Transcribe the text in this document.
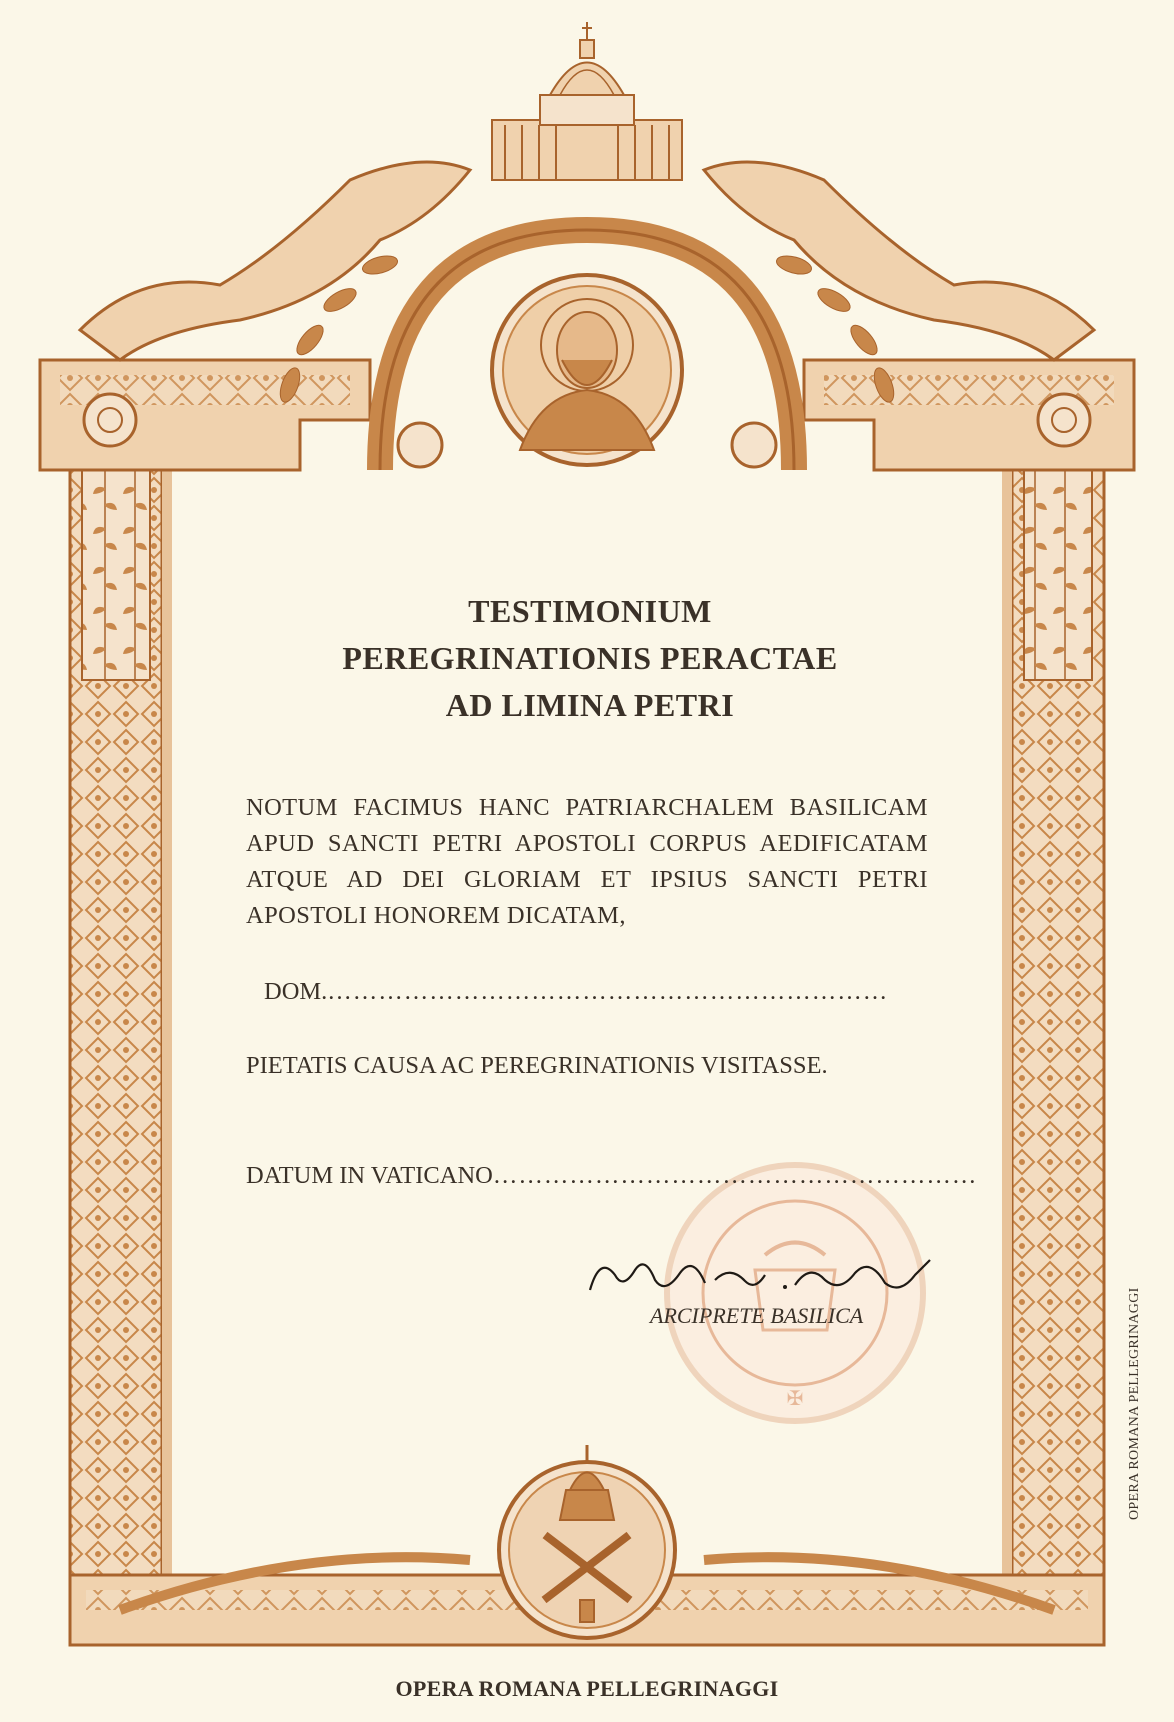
✠
TESTIMONIUM
PEREGRINATIONIS PERACTAE
AD LIMINA PETRI
NOTUM FACIMUS HANC PATRIARCHALEM BASILICAM
APUD SANCTI PETRI APOSTOLI CORPUS AEDIFICATAM
ATQUE AD DEI GLORIAM ET IPSIUS SANCTI PETRI
APOSTOLI HONOREM DICATAM,
DOM.…………………………………………………………
PIETATIS CAUSA AC PEREGRINATIONIS VISITASSE.
DATUM IN VATICANO…………………………………………………
ARCIPRETE BASILICA
OPERA ROMANA PELLEGRINAGGI
OPERA ROMANA PELLEGRINAGGI
